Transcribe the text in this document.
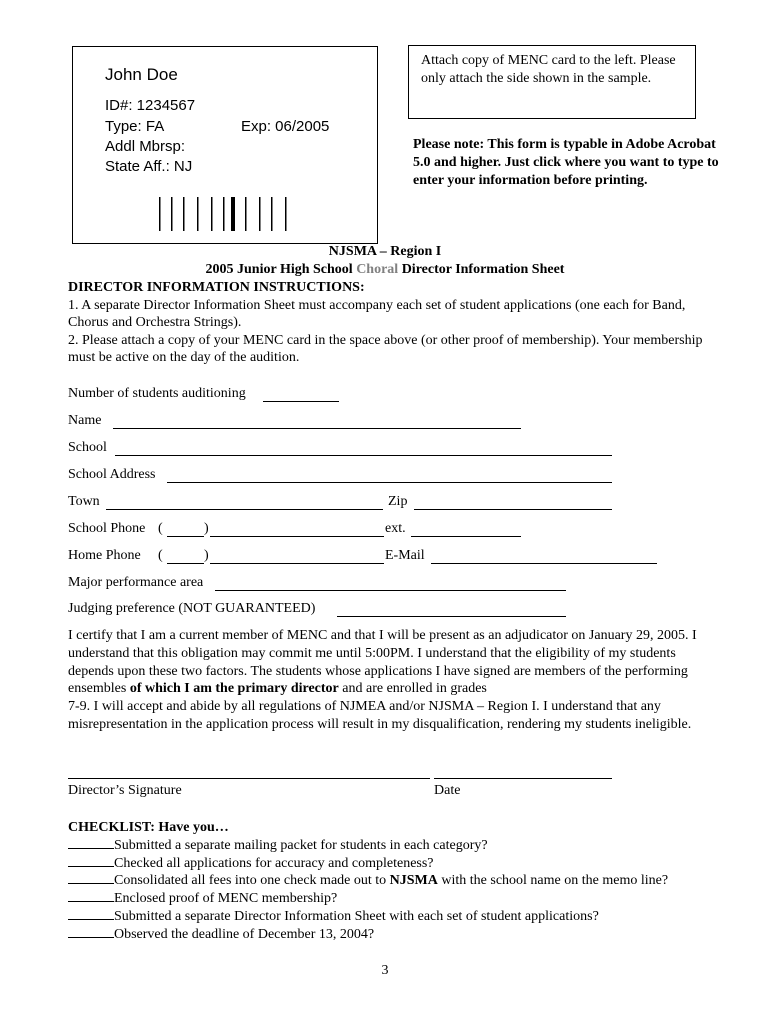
John Doe
ID#: 1234567
Type: FA	Exp: 06/2005
Addl Mbrsp:
State Aff.: NJ
Attach copy of MENC card to the left. Please only attach the side shown in the sample.
Please note: This form is typable in Adobe Acrobat 5.0 and higher. Just click where you want to type to enter your information before printing.
NJSMA – Region I
2005 Junior High School Choral Director Information Sheet
DIRECTOR INFORMATION INSTRUCTIONS:
1. A separate Director Information Sheet must accompany each set of student applications (one each for Band, Chorus and Orchestra Strings).
2. Please attach a copy of your MENC card in the space above (or other proof of membership). Your membership must be active on the day of the audition.
Number of students auditioning
Name
School
School Address
Town	Zip
School Phone (	)	ext.
Home Phone (	)	E-Mail
Major performance area
Judging preference (NOT GUARANTEED)
I certify that I am a current member of MENC and that I will be present as an adjudicator on January 29, 2005. I understand that this obligation may commit me until 5:00PM. I understand that the eligibility of my students depends upon these two factors. The students whose applications I have signed are members of the performing ensembles of which I am the primary director and are enrolled in grades
7-9. I will accept and abide by all regulations of NJMEA and/or NJSMA – Region I. I understand that any misrepresentation in the application process will result in my disqualification, rendering my students ineligible.
Director’s Signature	Date
CHECKLIST: Have you…
Submitted a separate mailing packet for students in each category?
Checked all applications for accuracy and completeness?
Consolidated all fees into one check made out to NJSMA with the school name on the memo line?
Enclosed proof of MENC membership?
Submitted a separate Director Information Sheet with each set of student applications?
Observed the deadline of December 13, 2004?
3
